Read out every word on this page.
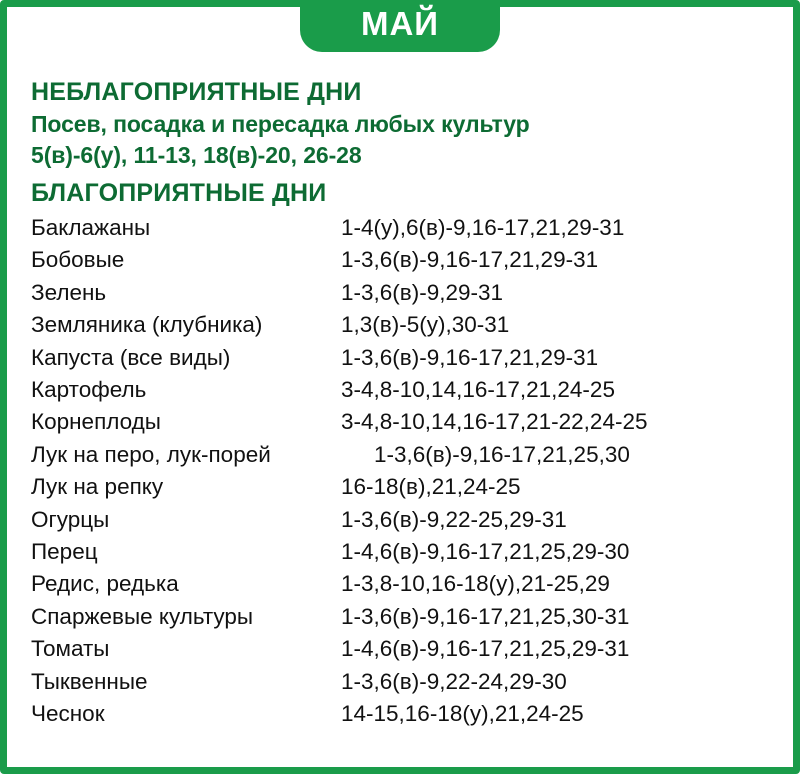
МАЙ
НЕБЛАГОПРИЯТНЫЕ ДНИ
Посев, посадка и пересадка любых культур
5(в)-6(у), 11-13, 18(в)-20, 26-28
БЛАГОПРИЯТНЫЕ ДНИ
Баклажаны	1-4(у),6(в)-9,16-17,21,29-31
Бобовые	1-3,6(в)-9,16-17,21,29-31
Зелень	1-3,6(в)-9,29-31
Земляника (клубника)	1,3(в)-5(у),30-31
Капуста (все виды)	1-3,6(в)-9,16-17,21,29-31
Картофель	3-4,8-10,14,16-17,21,24-25
Корнеплоды	3-4,8-10,14,16-17,21-22,24-25
Лук на перо, лук-порей	1-3,6(в)-9,16-17,21,25,30
Лук на репку	16-18(в),21,24-25
Огурцы	1-3,6(в)-9,22-25,29-31
Перец	1-4,6(в)-9,16-17,21,25,29-30
Редис, редька	1-3,8-10,16-18(у),21-25,29
Спаржевые культуры	1-3,6(в)-9,16-17,21,25,30-31
Томаты	1-4,6(в)-9,16-17,21,25,29-31
Тыквенные	1-3,6(в)-9,22-24,29-30
Чеснок	14-15,16-18(у),21,24-25
